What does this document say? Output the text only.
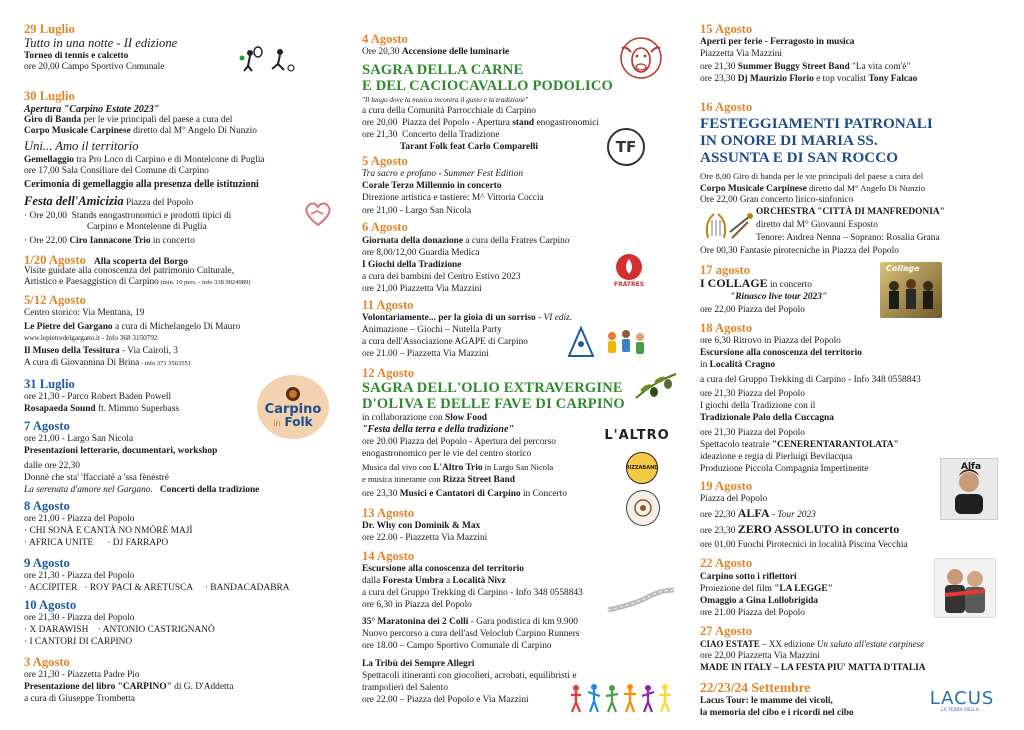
29 Luglio
Tutto in una notte - II edizione
Torneo di tennis e calcetto
ore 20,00 Campo Sportivo Comunale
30 Luglio
Apertura "Carpino Estate 2023"
Giro di Banda per le vie principali del paese a cura del
Corpo Musicale Carpinese diretto dal M° Angelo Di Nunzio
Uni... Amo il territorio
Gemellaggio tra Pro Loco di Carpino e di Montelcone di Puglia
ore 17,00 Sala Consiliare del Comune di Carpino
Cerimonia di gemellaggio alla presenza delle istituzioni
Festa dell'Amicizia Piazza del Popolo
· Ore 20,00 Stands enogastronomici e prodotti tipici di
Carpino e Monteleone di Puglia
· Ore 22,00 Ciro Iannacone Trio in concerto
1/20 Agosto Alla scoperta del Borgo
Visite guidate alla conoscenza del patrimonio Culturale,
Artistico e Paesaggistico di Carpino (min. 10 pers. - info 338 9024989)
5/12 Agosto
Centro storico: Via Mentana, 19
Le Pietre del Gargano a cura di Michelangelo Di Mauro
www.lepietredelgargano.it - Info 368 3150792
Il Museo della Tessitura - Via Cairoli, 3
A cura di Giovannina Di Brina - info 371 3563551
31 Luglio
ore 21,30 - Parco Robert Baden Powell
Rosapaeda Sound ft. Mimmo Superbass	Carpino
in Folk
7 Agosto
ore 21,00 - Largo San Nicola
Presentazioni letterarie, documentari, workshop
dalle ore 22,30
Donnè che sta' 'ffacciatè a 'ssa fènèstrè
La serenata d'amore nel Gargano. Concerti della tradizione
8 Agosto
ore 21,00 - Piazza del Popolo
· CHI SONÀ E CANTÀ NO NMÒRÈ MAJÌ
· AFRICA UNITE · DJ FARRAPO
9 Agosto
ore 21,30 - Piazza del Popolo
· ACCIPITER · ROY PACI & ARETUSCA · BANDACADABRA
10 Agosto
ore 21,30 - Piazza del Popolo
· X DARAWISH · ANTONIO CASTRIGNANÒ
· I CANTORI DI CARPINO
3 Agosto
ore 21,30 - Piazzetta Padre Pio
Presentazione del libro "CARPINO" di G. D'Addetta
a cura di Giuseppe Trombetta
4 Agosto
Ore 20,30 Accensione delle luminarie
SAGRA DELLA CARNE
E DEL CACIOCAVALLO PODOLICO
"Il luogo dove la musica incontra il gusto e la tradizione"
a cura della Comunità Parrocchiale di Carpino
ore 20,00 Piazza del Popolo - Apertura stand enogastronomici
ore 21,30 Concerto della Tradizione
Tarant Folk feat Carlo Comparelli	TF
5 Agosto
Tra sacro e profano - Summer Fest Edition
Corale Terzo Millennio in concerto
Direzione artistica e tastiere: M^ Vittoria Coccia
ore 21,00 - Largo San Nicola
6 Agosto
Giornata della donazione a cura della Fratres Carpino
ore 8,00/12,00 Guardia Medica
I Giochi della Tradizione
a cura dei bambini del Centro Estivo 2023
ore 21,00 Piazzetta Via Mazzini	FRATRES
11 Agosto
Volontariamente... per la gioia di un sorriso - VI ediz.
Animazione – Giochi – Nutella Party
a cura dell'Associazione AGAPE di Carpino
ore 21.00 – Piazzetta Via Mazzini
12 Agosto
SAGRA DELL'OLIO EXTRAVERGINE
D'OLIVA E DELLE FAVE DI CARPINO
in collaborazione con Slow Food
"Festa della terra e della tradizione"
ore 20.00 Piazza del Popolo - Apertura del percorso
enogastronomico per le vie del centro storico
Musica dal vivo con L'Altro Trio in Largo San Nicola
e musica itinerante con Rizza Street Band
ore 23,30 Musici e Cantatori di Carpino in Concerto
L'ALTRO
RIZZABAND
13 Agosto
Dr. Why con Dominik & Max
ore 22.00 - Piazzetta Via Mazzini
14 Agosto
Escursione alla conoscenza del territorio
dalla Foresta Umbra a Località Nivz
a cura del Gruppo Trekking di Carpino - Info 348 0558843
ore 6,30 in Piazza del Popolo
35° Maratonina dei 2 Colli - Gara podistica di km 9.900
Nuovo percorso a cura dell'asd Veloclub Carpino Runners
ore 18.00 – Campo Sportivo Comunale di Carpino
La Tribù dei Sempre Allegri
Spettacoli itineranti con giocolieri, acrobati, equilibristi e
trampolieri del Salento
ore 22.00 – Piazza del Popolo e Via Mazzini
15 Agosto
Aperti per ferie - Ferragosto in musica
Piazzetta Via Mazzini
ore 21,30 Summer Buggy Street Band "La vita com'è"
ore 23,30 Dj Maurizio Florio e top vocalist Tony Falcao
16 Agosto
FESTEGGIAMENTI PATRONALI
IN ONORE DI MARIA SS.
ASSUNTA E DI SAN ROCCO
Ore 8,00 Giro di banda per le vie principali del paese a cura del
Corpo Musicale Carpinese diretto dal M° Angelo Di Nunzio
Ore 22,00 Gran concerto lirico-sinfonico
ORCHESTRA "CITTÀ DI MANFREDONIA"
diretto dal M° Giovanni Esposto
Tenore: Andrea Nenna – Soprano: Rosalia Grana
Ore 00,30 Fantasie pirotecniche in Piazza del Popolo
17 agosto
I COLLAGE in concerto
"Rinasco live tour 2023"
ore 22,00 Piazza del Popolo
Collage
18 Agosto
ore 6,30 Ritrovo in Piazza del Popolo
Escursione alla conoscenza del territorio
in Località Cragno
a cura del Gruppo Trekking di Carpino - Info 348 0558843
ore 21,30 Piazza del Popolo
I giochi della Tradizione con il
Tradizionale Palo della Cuccagna
ore 21,30 Piazza del Popolo
Spettacolo teatrale "CENERENTARANTOLATA"
ideazione e regia di Pierluigi Bevilacqua
Produzione Piccola Compagnia Impertinente	Alfa
19 Agosto
Piazza del Popolo
ore 22,30 ALFA - Tour 2023
ore 23,30 ZERO ASSOLUTO in concerto
ore 01,00 Fuochi Pirotecnici in località Piscina Vecchia
22 Agosto
Carpino sotto i riflettori
Proiezione del film "LA LEGGE"
Omaggio a Gina Lollobrigida
ore 21.00 Piazza del Popolo
27 Agosto
CIAO ESTATE – XX edizione Un saluto all'estate carpinese
ore 22,00 Piazzetta Via Mazzini
MADE IN ITALY – LA FESTA PIU' MATTA D'ITALIA
22/23/24 Settembre
Lacus Tour: le mamme dei vicoli,
la memoria del cibo e i ricordi nel cibo
LACUS
LA TERRA DELLA...
